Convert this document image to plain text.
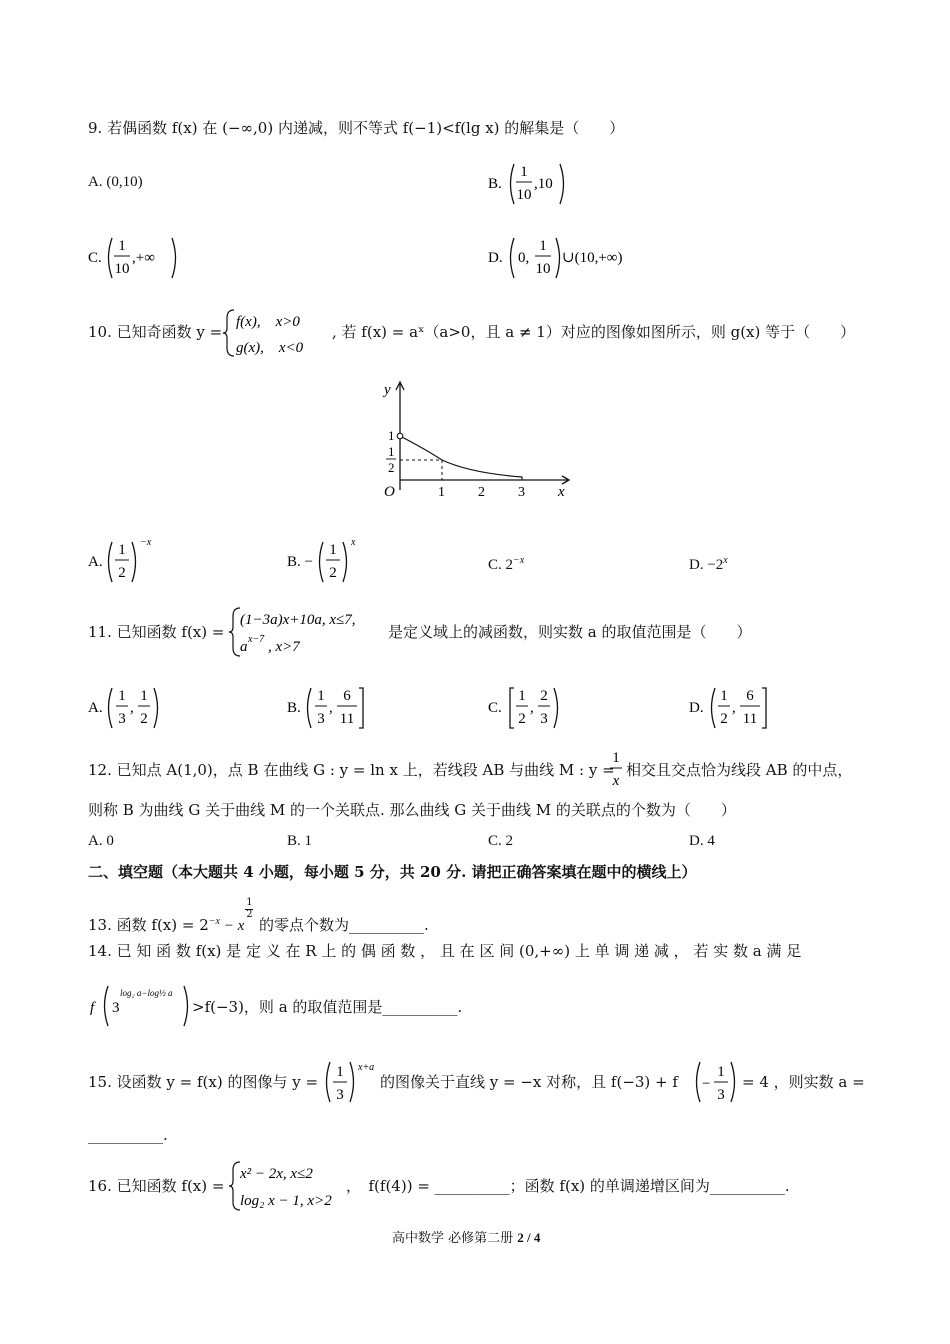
9. 若偶函数 f(x) 在 (−∞,0) 内递减，则不等式 f(−1)<f(lg x) 的解集是（　　）
A. (0,10)	B.
1
10
,10
C.
1
10
,+∞	D. 0,
1
10
∪(10,+∞)
10. 已知奇函数 y =
f(x),　x>0
g(x),　x<0
, 若 f(x) = aˣ（a>0，且 a ≠ 1）对应的图像如图所示，则 g(x) 等于（　　）
y
x
O
1
1
2
1 2 3
A.
1
2
−x
B. −
1
2
x
C. $2^{-x}$	D. $-2^x$
11. 已知函数 f(x) =
(1−3a)x+10a, x≤7,
a x−7 , x>7
是定义域上的减函数，则实数 a 的取值范围是（　　）
A.
1
3
,
1
2
B.
1
3
,
6
11
C.
1
2
,
2
3
D.
1
2
,
6
11
12. 已知点 A(1,0)，点 B 在曲线 G : y = ln x 上，若线段 AB 与曲线 M : y =
1
x
相交且交点恰为线段 AB 的中点，
则称 B 为曲线 G 关于曲线 M 的一个关联点. 那么曲线 G 关于曲线 M 的关联点的个数为（　　）
A. 0	B. 1	C. 2	D. 4
二、填空题（本大题共 4 小题，每小题 5 分，共 20 分. 请把正确答案填在题中的横线上）
13. 函数 $f(x) = 2^{-x} - x \frac{1}{2}$ 的零点个数为__________.
14. 已 知 函 数 f(x) 是 定 义 在 R 上 的 偶 函 数 ， 且 在 区 间 (0,+∞) 上 单 调 递 减 ， 若 实 数 a 满 足
f 3
log₂ a−log½ a
>f(−3)，则 a 的取值范围是__________.
15. 设函数 y = f(x) 的图像与 y =
1
3
x+a
的图像关于直线 y = −x 对称，且 f(−3) + f −
1
3
= 4 ，则实数 a =
__________.
16. 已知函数 f(x) =
x² − 2x, x≤2
log₂ x − 1, x>2
，　f(f(4)) = __________；函数 f(x) 的单调递增区间为__________.
高中数学 必修第二册 2 / 4
